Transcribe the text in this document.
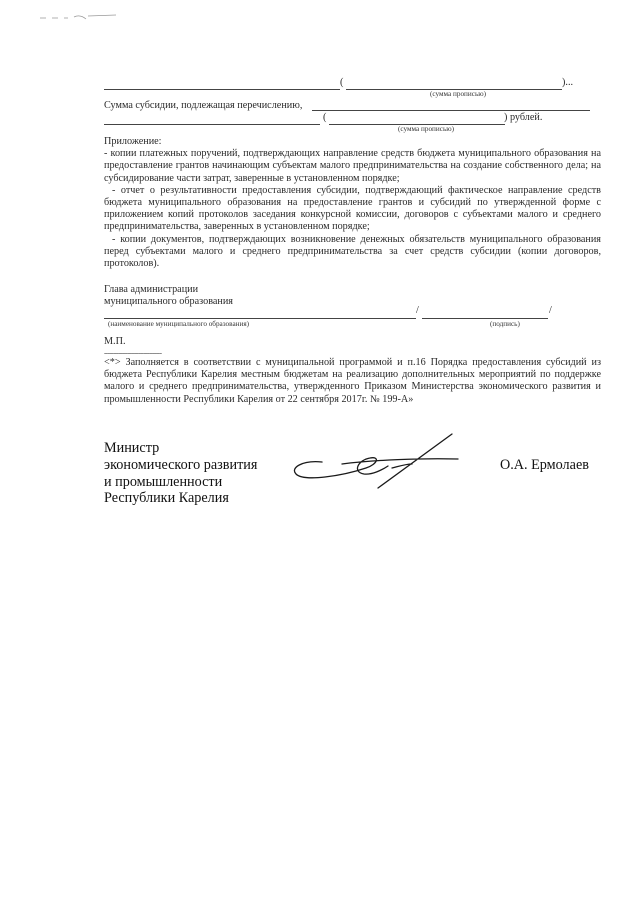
(	)...
(сумма прописью)
Сумма субсидии, подлежащая перечислению,
(	) рублей.
(сумма прописью)
Приложение:
- копии платежных поручений, подтверждающих направление средств бюджета муниципального образования на предоставление грантов начинающим субъектам малого предпринимательства на создание собственного дела; на субсидирование части затрат, заверенные в установленном порядке;
- отчет о результативности предоставления субсидии, подтверждающий фактическое направление средств бюджета муниципального образования на предоставление грантов и субсидий по утвержденной форме с приложением копий протоколов заседания конкурсной комиссии, договоров с субъектами малого и среднего предпринимательства, заверенных в установленном порядке;
- копии документов, подтверждающих возникновение денежных обязательств муниципального образования перед субъектами малого и среднего предпринимательства за счет средств субсидии (копии договоров, протоколов).
Глава администрации
муниципального образования
/	/
(наименование муниципального образования)	(подпись)
М.П.
--------------------------------
<*> Заполняется в соответствии с муниципальной программой и п.16 Порядка предоставления субсидий из бюджета Республики Карелия местным бюджетам на реализацию дополнительных мероприятий по поддержке малого и среднего предпринимательства, утвержденного Приказом Министерства экономического развития и промышленности Республики Карелия от 22 сентября 2017г. № 199-А»
Министр
экономического развития
и промышленности
Республики Карелия
О.А. Ермолаев
